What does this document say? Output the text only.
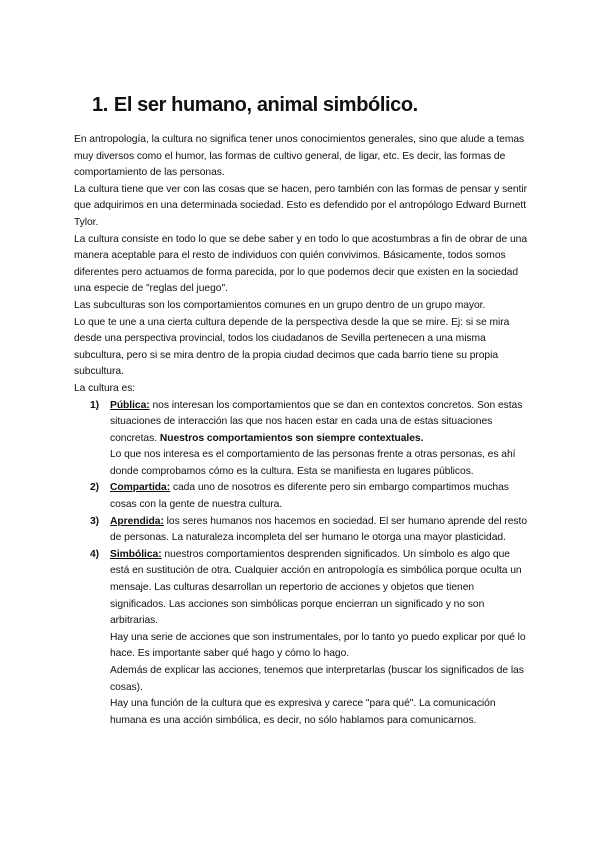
1. El ser humano, animal simbólico.

En antropología, la cultura no significa tener unos conocimientos generales, sino que alude a temas muy diversos como el humor, las formas de cultivo general, de ligar, etc. Es decir, las formas de comportamiento de las personas.

La cultura tiene que ver con las cosas que se hacen, pero también con las formas de pensar y sentir que adquirimos en una determinada sociedad. Esto es defendido por el antropólogo Edward Burnett Tylor.

La cultura consiste en todo lo que se debe saber y en todo lo que acostumbras a fin de obrar de una manera aceptable para el resto de individuos con quién convivimos. Básicamente, todos somos diferentes pero actuamos de forma parecida, por lo que podemos decir que existen en la sociedad una especie de "reglas del juego".

Las subculturas son los comportamientos comunes en un grupo dentro de un grupo mayor.

Lo que te une a una cierta cultura depende de la perspectiva desde la que se mire. Ej: si se mira desde una perspectiva provincial, todos los ciudadanos de Sevilla pertenecen a una misma subcultura, pero si se mira dentro de la propia ciudad decimos que cada barrio tiene su propia subcultura.

La cultura es:

1) Pública: nos interesan los comportamientos que se dan en contextos concretos. Son estas situaciones de interacción las que nos hacen estar en cada una de estas situaciones concretas. Nuestros comportamientos son siempre contextuales.
Lo que nos interesa es el comportamiento de las personas frente a otras personas, es ahí donde comprobamos cómo es la cultura. Esta se manifiesta en lugares públicos.
2) Compartida: cada uno de nosotros es diferente pero sin embargo compartimos muchas cosas con la gente de nuestra cultura.
3) Aprendida: los seres humanos nos hacemos en sociedad. El ser humano aprende del resto de personas. La naturaleza incompleta del ser humano le otorga una mayor plasticidad.
4) Simbólica: nuestros comportamientos desprenden significados. Un símbolo es algo que está en sustitución de otra. Cualquier acción en antropología es simbólica porque oculta un mensaje. Las culturas desarrollan un repertorio de acciones y objetos que tienen significados. Las acciones son simbólicas porque encierran un significado y no son arbitrarias.
Hay una serie de acciones que son instrumentales, por lo tanto yo puedo explicar por qué lo hace. Es importante saber qué hago y cómo lo hago.
Además de explicar las acciones, tenemos que interpretarlas (buscar los significados de las cosas).
Hay una función de la cultura que es expresiva y carece "para qué". La comunicación humana es una acción simbólica, es decir, no sólo hablamos para comunicarnos.
